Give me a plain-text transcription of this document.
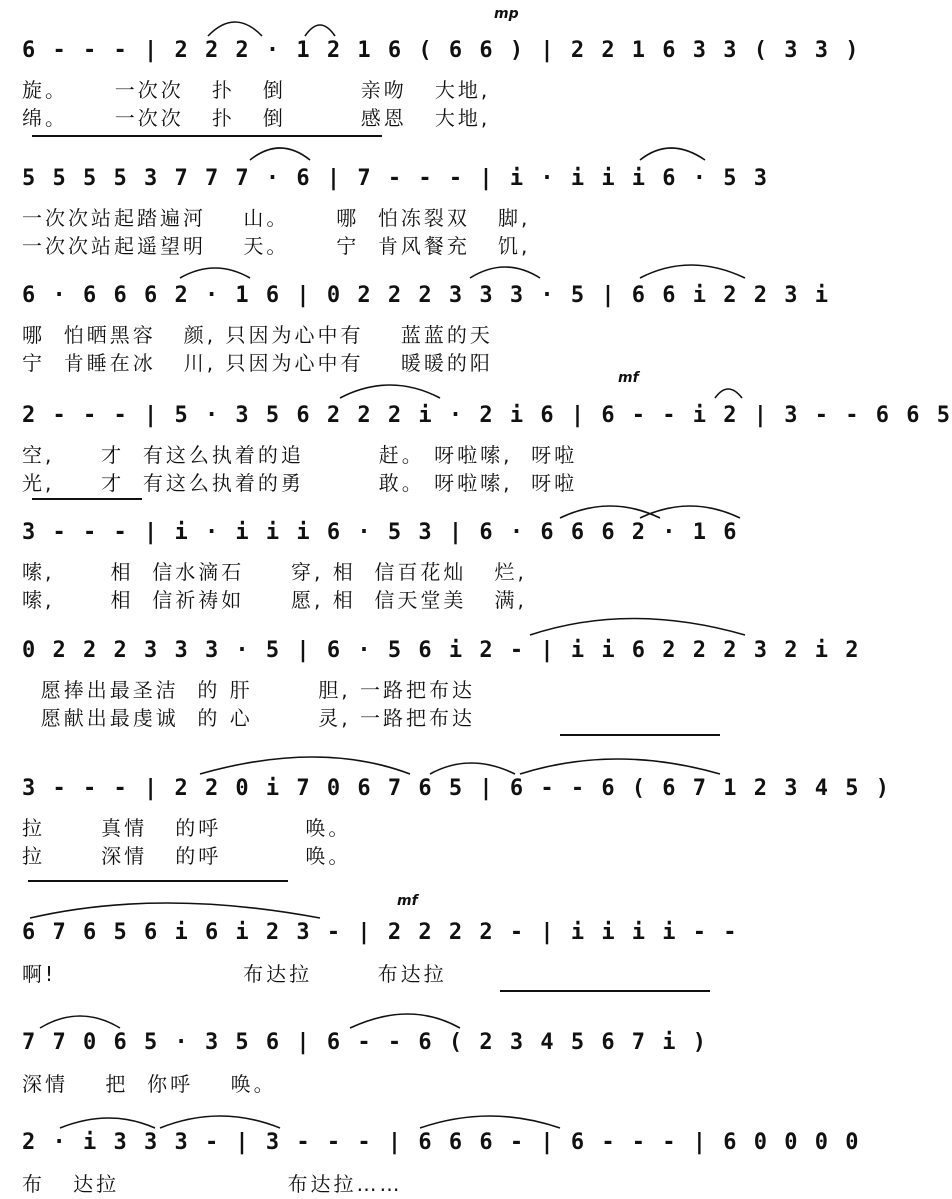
mp
mf
mf
6 - - - | 2 2 2 · 1 2 1 6 ( 6 6 ) | 2 2 1 6 3 3 ( 3 3 )
旋。     一次次   扑   倒        亲吻   大地,
绵。     一次次   扑   倒        感恩   大地,
5 5 5 5 3 7 7 7 · 6 | 7 - - - | i · i i i 6 · 5 3
一次次站起踏遍河    山。     哪  怕冻裂双   脚,
一次次站起遥望明    天。     宁  肯风餐充   饥,
6 · 6 6 6 2 · 1 6 | 0 2 2 2 3 3 3 · 5 | 6 6 i 2 2 3 i
哪  怕晒黑容   颜, 只因为心中有    蓝蓝的天
宁  肯睡在冰   川, 只因为心中有    暖暖的阳
2 - - - | 5 · 3 5 6 2 2 2 i · 2 i 6 | 6 - - i 2 | 3 - - 6 6 5
空,     才  有这么执着的追        赶。 呀啦嗦,  呀啦
光,     才  有这么执着的勇        敢。 呀啦嗦,  呀啦
3 - - - | i · i i i 6 · 5 3 | 6 · 6 6 6 2 · 1 6
嗦,      相  信水滴石     穿, 相  信百花灿   烂,
嗦,      相  信祈祷如     愿, 相  信天堂美   满,
0 2 2 2 3 3 3 · 5 | 6 · 5 6 i 2 - | i i 6 2 2 2 3 2 i 2
愿捧出最圣洁  的 肝       胆, 一路把布达
愿献出最虔诚  的 心       灵, 一路把布达
3 - - - | 2 2 0 i 7 0 6 7 6 5 | 6 - - 6 ( 6 7 1 2 3 4 5 )
拉      真情   的呼         唤。
拉      深情   的呼         唤。
6 7 6 5 6 i 6 i 2 3 - | 2 2 2 2 - | i i i i - -
啊!                    布达拉       布达拉
7 7 0 6 5 · 3 5 6 | 6 - - 6 ( 2 3 4 5 6 7 i )
深情    把  你呼    唤。
2 · i 3 3 3 - | 3 - - - | 6 6 6 - | 6 - - - | 6 0 0 0 0
布   达拉                  布达拉……
